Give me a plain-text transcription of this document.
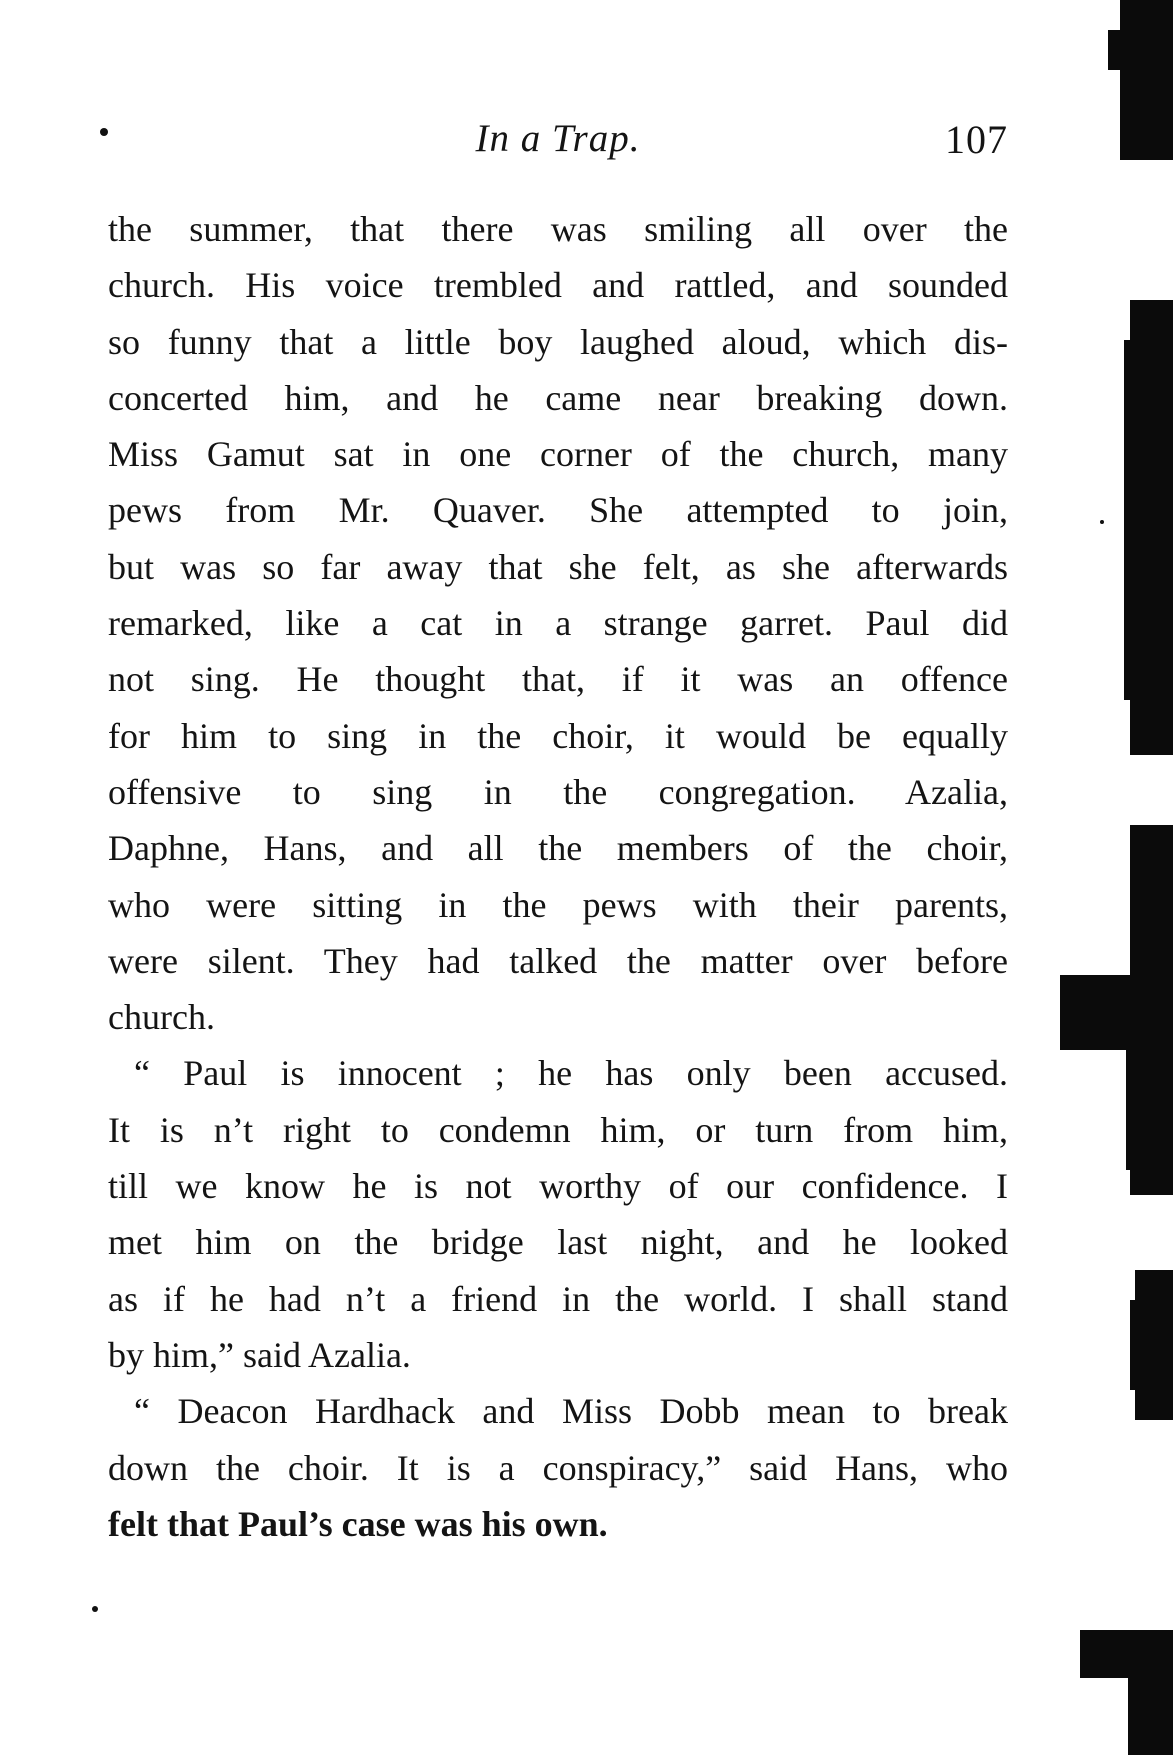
In a Trap.	107
the summer, that there was smiling all over the
church. His voice trembled and rattled, and sounded
so funny that a little boy laughed aloud, which dis-
concerted him, and he came near breaking down.
Miss Gamut sat in one corner of the church, many
pews from Mr. Quaver. She attempted to join,
but was so far away that she felt, as she afterwards
remarked, like a cat in a strange garret. Paul did
not sing. He thought that, if it was an offence
for him to sing in the choir, it would be equally
offensive to sing in the congregation. Azalia,
Daphne, Hans, and all the members of the choir,
who were sitting in the pews with their parents,
were silent. They had talked the matter over before
church.
“ Paul is innocent ; he has only been accused.
It is n’t right to condemn him, or turn from him,
till we know he is not worthy of our confidence. I
met him on the bridge last night, and he looked
as if he had n’t a friend in the world. I shall stand
by him,” said Azalia.
“ Deacon Hardhack and Miss Dobb mean to break
down the choir. It is a conspiracy,” said Hans, who
felt that Paul’s case was his own.
